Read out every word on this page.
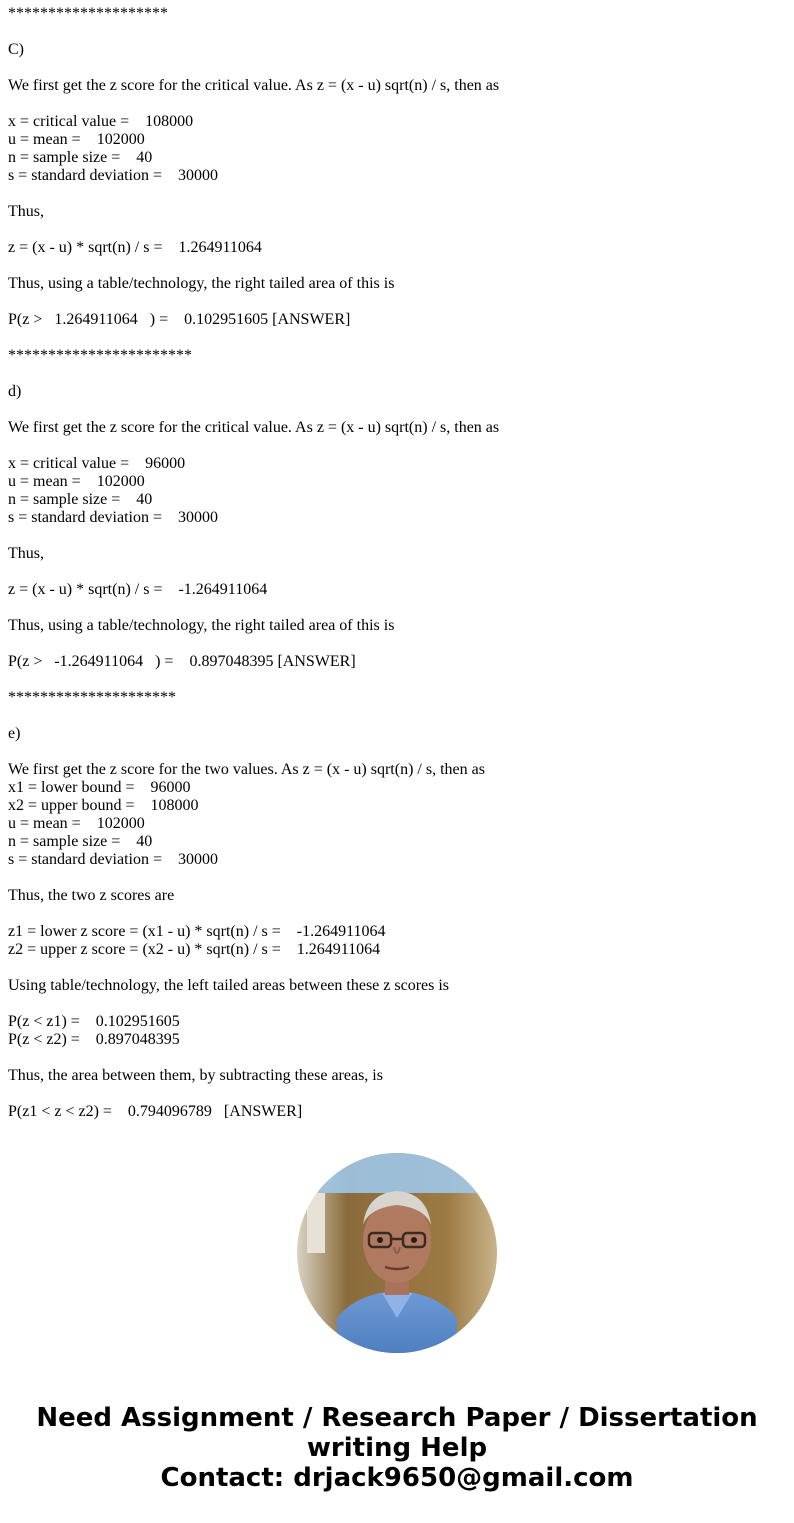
********************
C)
We first get the z score for the critical value. As z = (x - u) sqrt(n) / s, then as
x = critical value =    108000
u = mean =    102000
n = sample size =    40
s = standard deviation =    30000
Thus,
z = (x - u) * sqrt(n) / s =    1.264911064
Thus, using a table/technology, the right tailed area of this is
P(z >   1.264911064   ) =    0.102951605 [ANSWER]
***********************
d)
We first get the z score for the critical value. As z = (x - u) sqrt(n) / s, then as
x = critical value =    96000
u = mean =    102000
n = sample size =    40
s = standard deviation =    30000
Thus,
z = (x - u) * sqrt(n) / s =    -1.264911064
Thus, using a table/technology, the right tailed area of this is
P(z >   -1.264911064   ) =    0.897048395 [ANSWER]
*********************
e)
We first get the z score for the two values. As z = (x - u) sqrt(n) / s, then as
x1 = lower bound =    96000
x2 = upper bound =    108000
u = mean =    102000
n = sample size =    40
s = standard deviation =    30000
Thus, the two z scores are
z1 = lower z score = (x1 - u) * sqrt(n) / s =    -1.264911064
z2 = upper z score = (x2 - u) * sqrt(n) / s =    1.264911064
Using table/technology, the left tailed areas between these z scores is
P(z < z1) =    0.102951605
P(z < z2) =    0.897048395
Thus, the area between them, by subtracting these areas, is
P(z1 < z < z2) =    0.794096789   [ANSWER]
Need Assignment / Research Paper / Dissertation
writing Help
Contact: drjack9650@gmail.com
